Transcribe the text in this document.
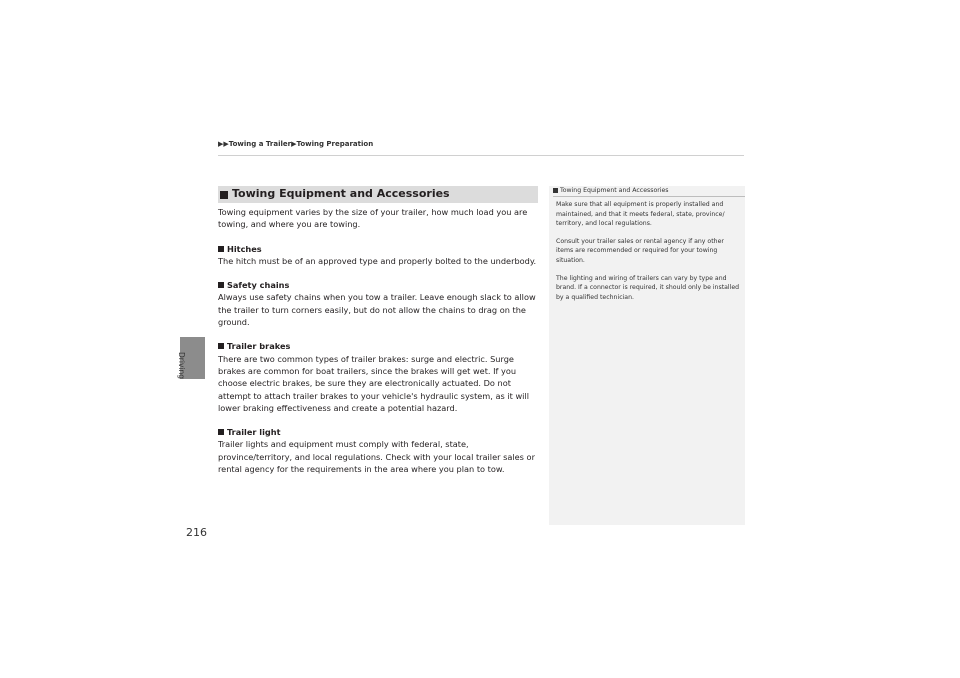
▶▶Towing a Trailer▶Towing Preparation
Driving
216
Towing Equipment and Accessories
Towing equipment varies by the size of your trailer, how much load you are towing, and where you are towing.
Hitches
The hitch must be of an approved type and properly bolted to the underbody.
Safety chains
Always use safety chains when you tow a trailer. Leave enough slack to allow the trailer to turn corners easily, but do not allow the chains to drag on the ground.
Trailer brakes
There are two common types of trailer brakes: surge and electric. Surge brakes are common for boat trailers, since the brakes will get wet. If you choose electric brakes, be sure they are electronically actuated. Do not attempt to attach trailer brakes to your vehicle's hydraulic system, as it will lower braking effectiveness and create a potential hazard.
Trailer light
Trailer lights and equipment must comply with federal, state, province/territory, and local regulations. Check with your local trailer sales or rental agency for the requirements in the area where you plan to tow.
Towing Equipment and Accessories

Make sure that all equipment is properly installed and maintained, and that it meets federal, state, province/ territory, and local regulations.

Consult your trailer sales or rental agency if any other items are recommended or required for your towing situation.

The lighting and wiring of trailers can vary by type and brand. If a connector is required, it should only be installed by a qualified technician.
